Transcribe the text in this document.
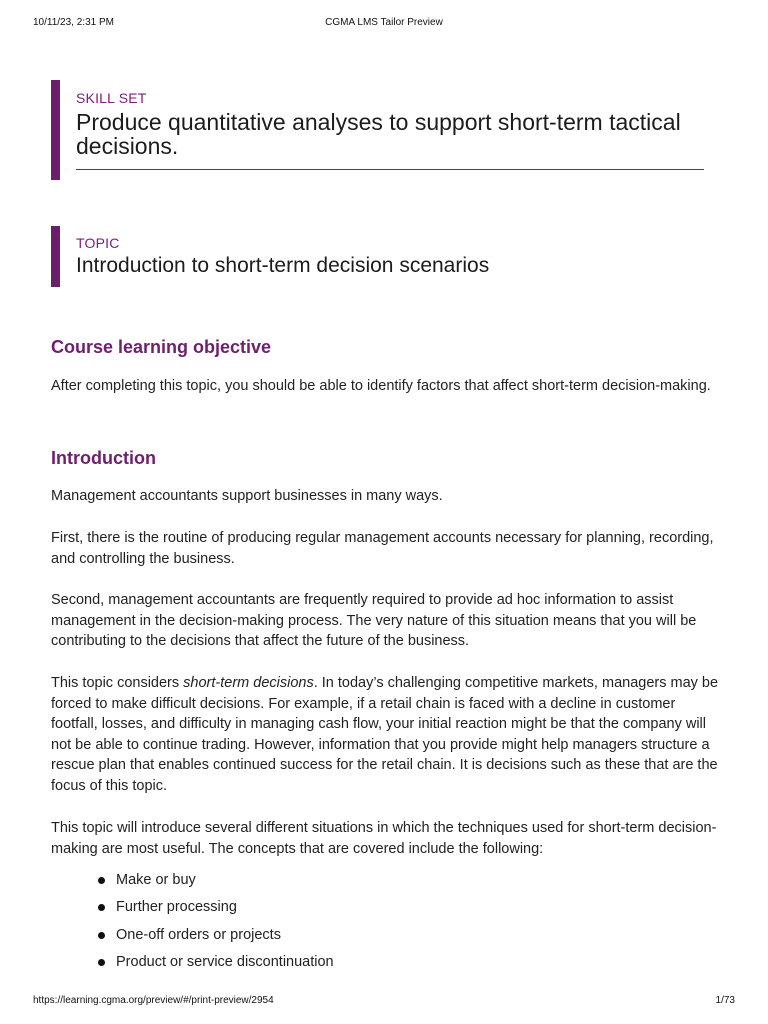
10/11/23, 2:31 PM	CGMA LMS Tailor Preview
SKILL SET
Produce quantitative analyses to support short-term tactical decisions.
TOPIC
Introduction to short-term decision scenarios
Course learning objective
After completing this topic, you should be able to identify factors that affect short-term decision-making.
Introduction
Management accountants support businesses in many ways.
First, there is the routine of producing regular management accounts necessary for planning, recording, and controlling the business.
Second, management accountants are frequently required to provide ad hoc information to assist management in the decision-making process. The very nature of this situation means that you will be contributing to the decisions that affect the future of the business.
This topic considers short-term decisions. In today’s challenging competitive markets, managers may be forced to make difficult decisions. For example, if a retail chain is faced with a decline in customer footfall, losses, and difficulty in managing cash flow, your initial reaction might be that the company will not be able to continue trading. However, information that you provide might help managers structure a rescue plan that enables continued success for the retail chain. It is decisions such as these that are the focus of this topic.
This topic will introduce several different situations in which the techniques used for short-term decision-making are most useful. The concepts that are covered include the following:
Make or buy
Further processing
One-off orders or projects
Product or service discontinuation
https://learning.cgma.org/preview/#/print-preview/2954	1/73
